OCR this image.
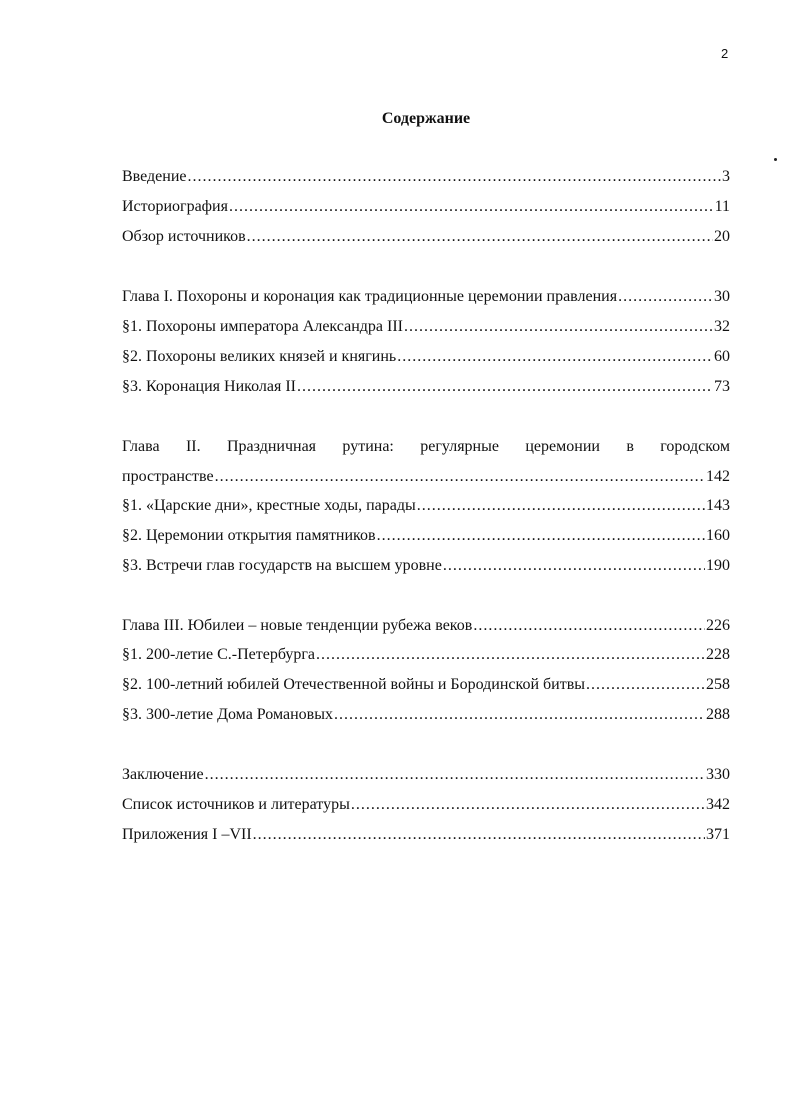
2
Содержание
Введение .....	3
Историография .....	11
Обзор источников .....	20
Глава I. Похороны и коронация как традиционные церемонии правления .....	30
§1. Похороны императора Александра III .....	32
§2. Похороны великих князей и княгинь .....	60
§3. Коронация Николая II .....	73
Глава II. Праздничная рутина: регулярные церемонии в городском
пространстве .....	142
§1. «Царские дни», крестные ходы, парады .....	143
§2. Церемонии открытия памятников .....	160
§3. Встречи глав государств на высшем уровне .....	190
Глава III. Юбилеи – новые тенденции рубежа веков .....	226
§1. 200-летие С.-Петербурга .....	228
§2. 100-летний юбилей Отечественной войны и Бородинской битвы .....	258
§3. 300-летие Дома Романовых .....	288
Заключение .....	330
Список источников и литературы .....	342
Приложения I –VII .....	371
